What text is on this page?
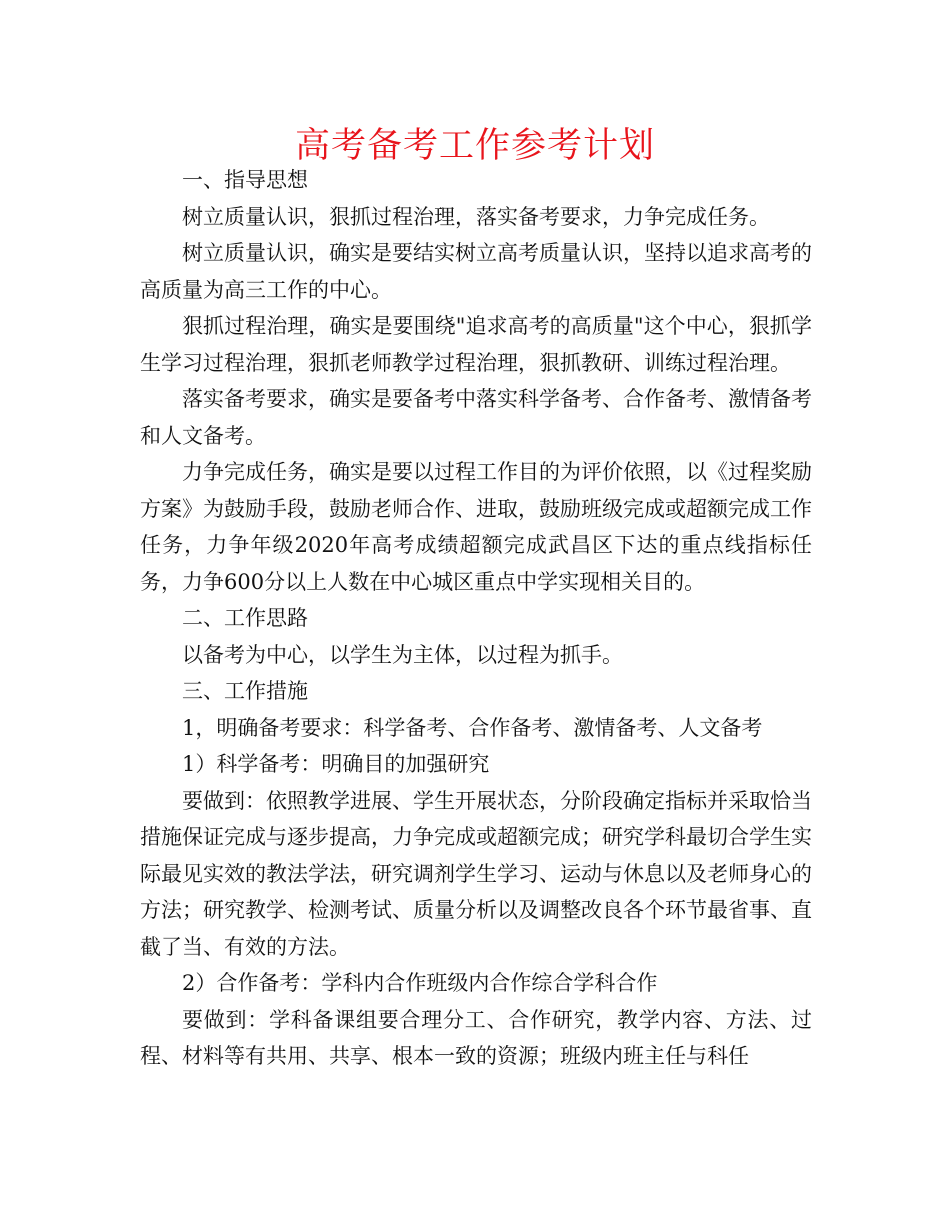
高考备考工作参考计划

一、指导思想

树立质量认识，狠抓过程治理，落实备考要求，力争完成任务。

树立质量认识，确实是要结实树立高考质量认识，坚持以追求高考的高质量为高三工作的中心。

狠抓过程治理，确实是要围绕"追求高考的高质量"这个中心，狠抓学生学习过程治理，狠抓老师教学过程治理，狠抓教研、训练过程治理。

落实备考要求，确实是要备考中落实科学备考、合作备考、激情备考和人文备考。

力争完成任务，确实是要以过程工作目的为评价依照，以《过程奖励方案》为鼓励手段，鼓励老师合作、进取，鼓励班级完成或超额完成工作任务，力争年级2020年高考成绩超额完成武昌区下达的重点线指标任务，力争600分以上人数在中心城区重点中学实现相关目的。

二、工作思路

以备考为中心，以学生为主体，以过程为抓手。

三、工作措施

1，明确备考要求：科学备考、合作备考、激情备考、人文备考

1）科学备考：明确目的加强研究

要做到：依照教学进展、学生开展状态，分阶段确定指标并采取恰当措施保证完成与逐步提高，力争完成或超额完成；研究学科最切合学生实际最见实效的教法学法，研究调剂学生学习、运动与休息以及老师身心的方法；研究教学、检测考试、质量分析以及调整改良各个环节最省事、直截了当、有效的方法。

2）合作备考：学科内合作班级内合作综合学科合作

要做到：学科备课组要合理分工、合作研究，教学内容、方法、过程、材料等有共用、共享、根本一致的资源；班级内班主任与科任
